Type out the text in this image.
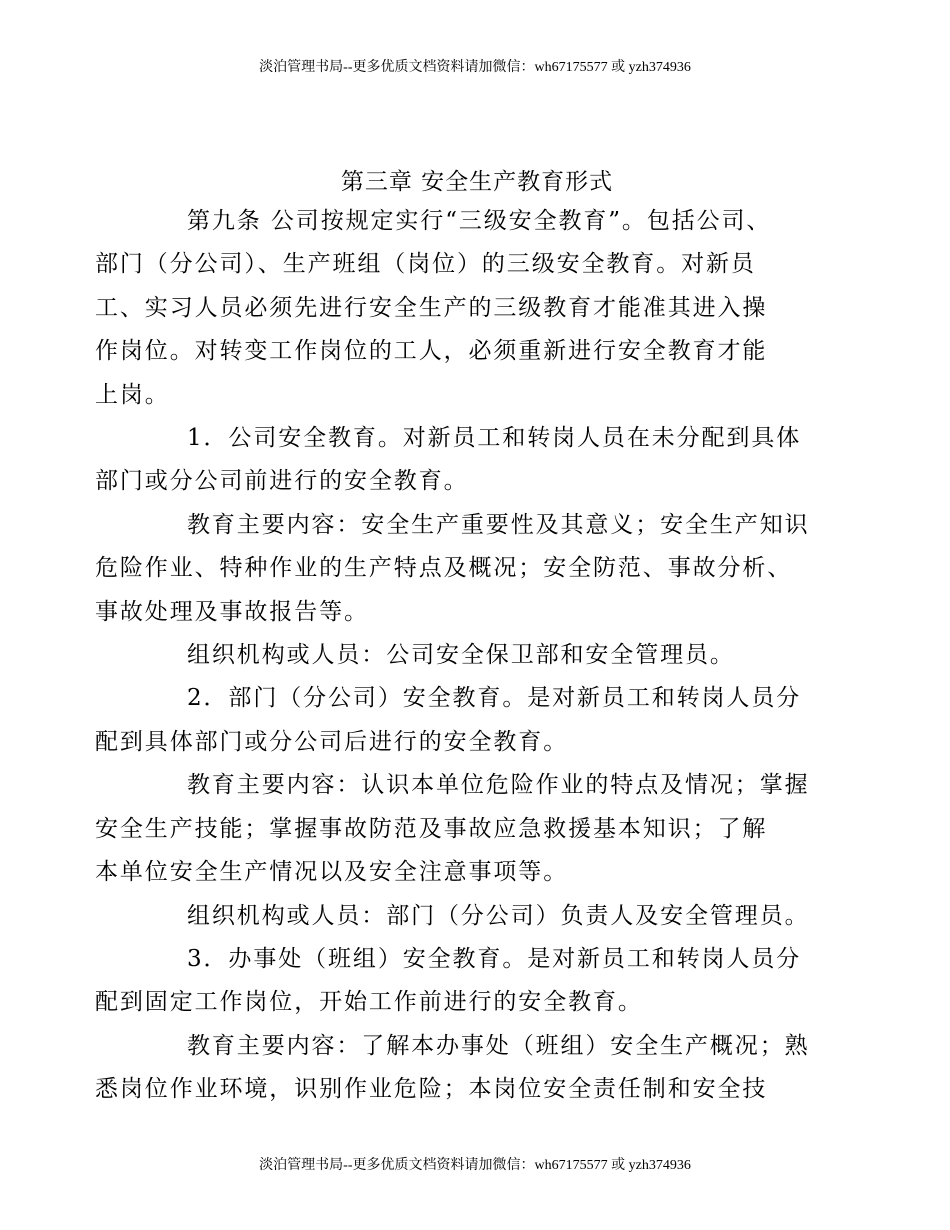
淡泊管理书局--更多优质文档资料请加微信：wh67175577 或 yzh374936
第三章 安全生产教育形式

第九条 公司按规定实行“三级安全教育”。包括公司、
部门（分公司）、生产班组（岗位）的三级安全教育。对新员
工、实习人员必须先进行安全生产的三级教育才能准其进入操
作岗位。对转变工作岗位的工人，必须重新进行安全教育才能
上岗。

1．公司安全教育。对新员工和转岗人员在未分配到具体
部门或分公司前进行的安全教育。

教育主要内容：安全生产重要性及其意义；安全生产知识
危险作业、特种作业的生产特点及概况；安全防范、事故分析、
事故处理及事故报告等。

组织机构或人员：公司安全保卫部和安全管理员。

2．部门（分公司）安全教育。是对新员工和转岗人员分
配到具体部门或分公司后进行的安全教育。

教育主要内容：认识本单位危险作业的特点及情况；掌握
安全生产技能；掌握事故防范及事故应急救援基本知识；了解
本单位安全生产情况以及安全注意事项等。

组织机构或人员：部门（分公司）负责人及安全管理员。

3．办事处（班组）安全教育。是对新员工和转岗人员分
配到固定工作岗位，开始工作前进行的安全教育。

教育主要内容：了解本办事处（班组）安全生产概况；熟
悉岗位作业环境，识别作业危险；本岗位安全责任制和安全技

淡泊管理书局--更多优质文档资料请加微信：wh67175577 或 yzh374936
